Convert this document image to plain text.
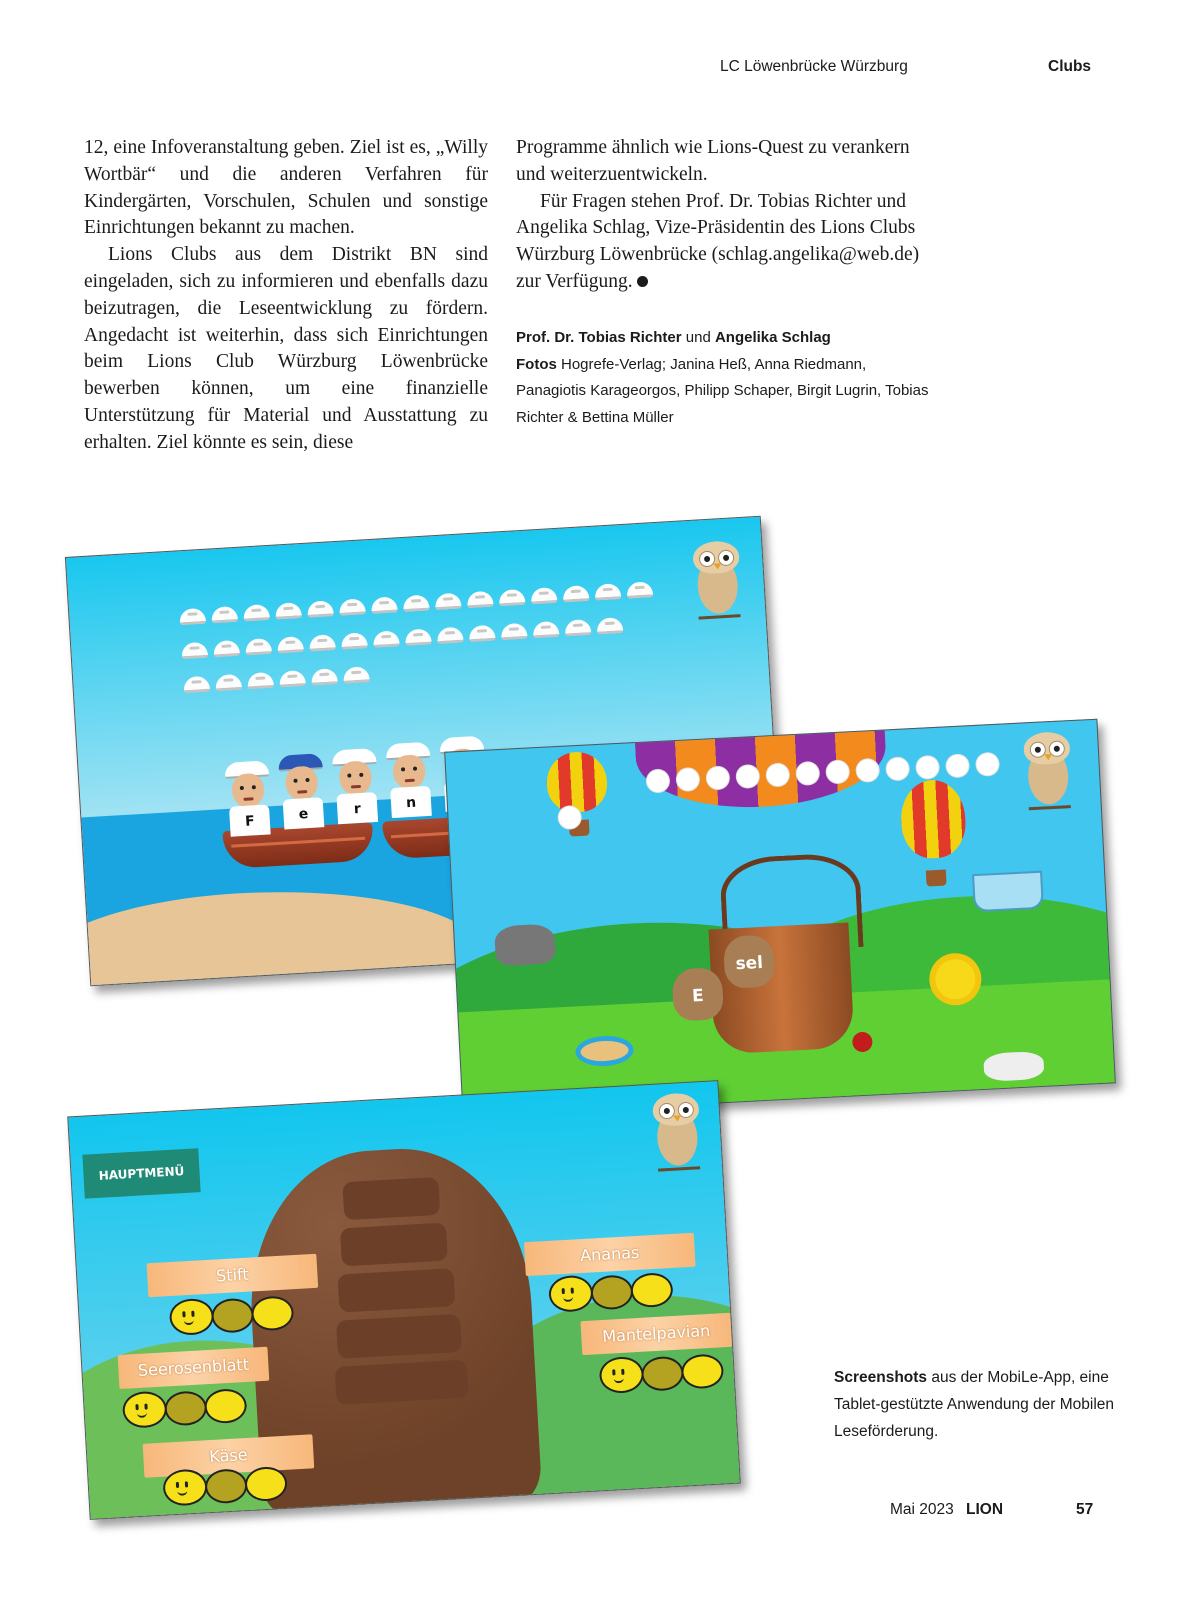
LC Löwenbrücke Würzburg	Clubs

12, eine Infoveranstaltung geben. Ziel ist es, „Willy Wortbär“ und die anderen Verfahren für Kindergärten, Vorschulen, Schulen und sonstige Einrichtungen bekannt zu machen.

Lions Clubs aus dem Distrikt BN sind eingeladen, sich zu informieren und ebenfalls dazu beizutragen, die Leseentwicklung zu fördern. Angedacht ist weiterhin, dass sich Einrichtungen beim Lions Club Würzburg Löwenbrücke bewerben können, um eine finanzielle Unterstützung für Material und Ausstattung zu erhalten. Ziel könnte es sein, diese

Programme ähnlich wie Lions-Quest zu verankern und weiterzuentwickeln.

Für Fragen stehen Prof. Dr. Tobias Richter und Angelika Schlag, Vize-Präsidentin des Lions Clubs Würzburg Löwenbrücke (schlag.angelika@web.de) zur Verfügung.

Prof. Dr. Tobias Richter und Angelika Schlag
Fotos Hogrefe-Verlag; Janina Heß, Anna Riedmann, Panagiotis Karageorgos, Philipp Schaper, Birgit Lugrin, Tobias Richter & Bettina Müller
F	e	r	n
E
sel
HAUPTMENÜ
Stift
Seerosenblatt
Käse
Ananas
Mantelpavian
Screenshots aus der MobiLe-App, eine Tablet-gestützte Anwendung der Mobilen Leseförderung.
Mai 2023 LION	57
